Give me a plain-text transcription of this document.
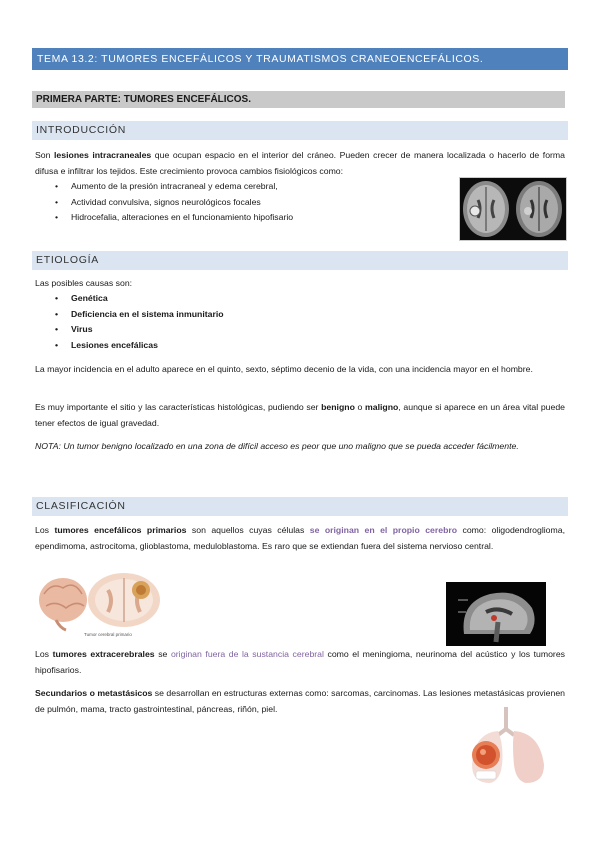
TEMA 13.2: TUMORES ENCEFÁLICOS Y TRAUMATISMOS CRANEOENCEFÁLICOS.
PRIMERA PARTE: TUMORES ENCEFÁLICOS.
INTRODUCCIÓN
Son lesiones intracraneales que ocupan espacio en el interior del cráneo. Pueden crecer de manera localizada o hacerlo de forma difusa e infiltrar los tejidos. Este crecimiento provoca cambios fisiológicos como:
• Aumento de la presión intracraneal y edema cerebral,
• Actividad convulsiva, signos neurológicos focales
• Hidrocefalia, alteraciones en el funcionamiento hipofisario
ETIOLOGÍA
Las posibles causas son:
• Genética
• Deficiencia en el sistema inmunitario
• Virus
• Lesiones encefálicas
La mayor incidencia en el adulto aparece en el quinto, sexto, séptimo decenio de la vida, con una incidencia mayor en el hombre.
Es muy importante el sitio y las características histológicas, pudiendo ser benigno o maligno, aunque si aparece en un área vital puede tener efectos de igual gravedad.
NOTA: Un tumor benigno localizado en una zona de difícil acceso es peor que uno maligno que se pueda acceder fácilmente.
CLASIFICACIÓN
Los tumores encefálicos primarios son aquellos cuyas células se originan en el propio cerebro como: oligodendroglioma, ependimoma, astrocitoma, glioblastoma, meduloblastoma. Es raro que se extiendan fuera del sistema nervioso central.
Tumor cerebral primario
Los tumores extracerebrales se originan fuera de la sustancia cerebral como el meningioma, neurinoma del acústico y los tumores hipofisarios.
Secundarios o metastásicos se desarrollan en estructuras externas como: sarcomas, carcinomas. Las lesiones metastásicas provienen de pulmón, mama, tracto gastrointestinal, páncreas, riñón, piel.
